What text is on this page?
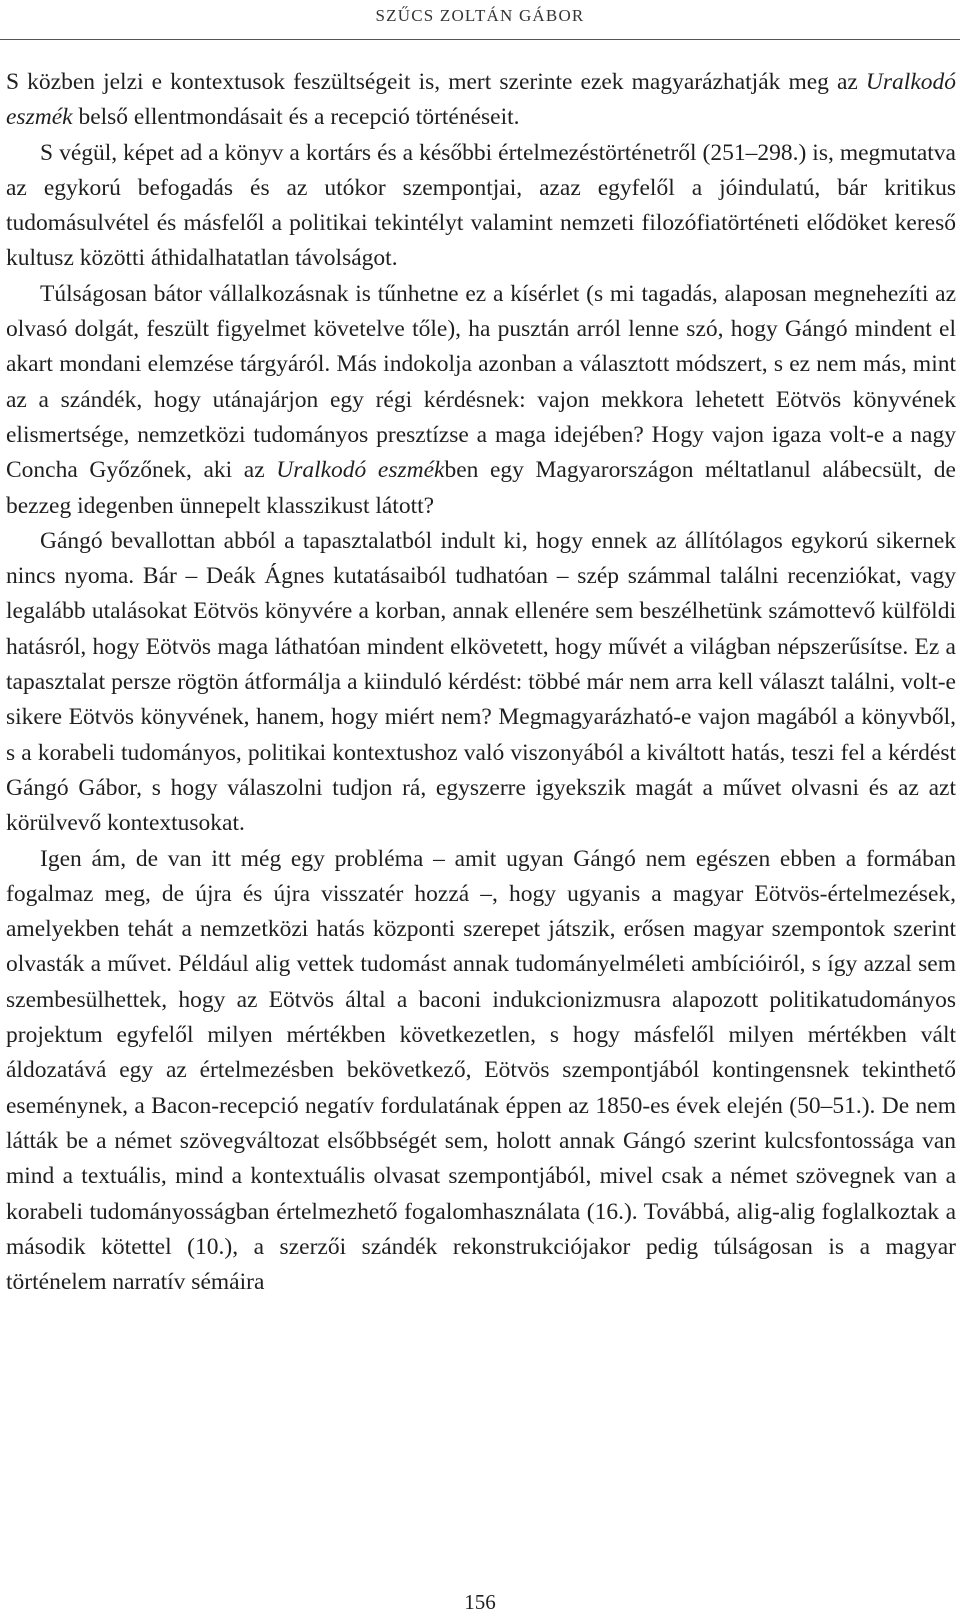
SZŰCS ZOLTÁN GÁBOR

S közben jelzi e kontextusok feszültségeit is, mert szerinte ezek magyarázhatják meg az Uralkodó eszmék belső ellentmondásait és a recepció történéseit.

S végül, képet ad a könyv a kortárs és a későbbi értelmezéstörténetről (251–298.) is, megmutatva az egykorú befogadás és az utókor szempontjai, azaz egyfelől a jóindulatú, bár kritikus tudomásulvétel és másfelől a politikai tekintélyt valamint nemzeti filozófiatörténeti elődöket kereső kultusz közötti áthidalhatatlan távolságot.

Túlságosan bátor vállalkozásnak is tűnhetne ez a kísérlet (s mi tagadás, alaposan megnehezíti az olvasó dolgát, feszült figyelmet követelve tőle), ha pusztán arról lenne szó, hogy Gángó mindent el akart mondani elemzése tárgyáról. Más indokolja azonban a választott módszert, s ez nem más, mint az a szándék, hogy utánajárjon egy régi kérdésnek: vajon mekkora lehetett Eötvös könyvének elismertsége, nemzetközi tudományos presztízse a maga idejében? Hogy vajon igaza volt-e a nagy Concha Győzőnek, aki az Uralkodó eszmékben egy Magyarországon méltatlanul alábecsült, de bezzeg idegenben ünnepelt klasszikust látott?

Gángó bevallottan abból a tapasztalatból indult ki, hogy ennek az állítólagos egykorú sikernek nincs nyoma. Bár – Deák Ágnes kutatásaiból tudhatóan – szép számmal találni recenziókat, vagy legalább utalásokat Eötvös könyvére a korban, annak ellenére sem beszélhetünk számottevő külföldi hatásról, hogy Eötvös maga láthatóan mindent elkövetett, hogy művét a világban népszerűsítse. Ez a tapasztalat persze rögtön átformálja a kiinduló kérdést: többé már nem arra kell választ találni, volt-e sikere Eötvös könyvének, hanem, hogy miért nem? Megmagyarázható-e vajon magából a könyvből, s a korabeli tudományos, politikai kontextushoz való viszonyából a kiváltott hatás, teszi fel a kérdést Gángó Gábor, s hogy válaszolni tudjon rá, egyszerre igyekszik magát a művet olvasni és az azt körülvevő kontextusokat.

Igen ám, de van itt még egy probléma – amit ugyan Gángó nem egészen ebben a formában fogalmaz meg, de újra és újra visszatér hozzá –, hogy ugyanis a magyar Eötvös-értelmezések, amelyekben tehát a nemzetközi hatás központi szerepet játszik, erősen magyar szempontok szerint olvasták a művet. Például alig vettek tudomást annak tudományelméleti ambícióiról, s így azzal sem szembesülhettek, hogy az Eötvös által a baconi indukcionizmusra alapozott politikatudományos projektum egyfelől milyen mértékben következetlen, s hogy másfelől milyen mértékben vált áldozatává egy az értelmezésben bekövetkező, Eötvös szempontjából kontingensnek tekinthető eseménynek, a Bacon-recepció negatív fordulatának éppen az 1850-es évek elején (50–51.). De nem látták be a német szövegváltozat elsőbbségét sem, holott annak Gángó szerint kulcsfontossága van mind a textuális, mind a kontextuális olvasat szempontjából, mivel csak a német szövegnek van a korabeli tudományosságban értelmezhető fogalomhasználata (16.). Továbbá, alig-alig foglalkoztak a második kötettel (10.), a szerzői szándék rekonstrukciójakor pedig túlságosan is a magyar történelem narratív sémáira

156
